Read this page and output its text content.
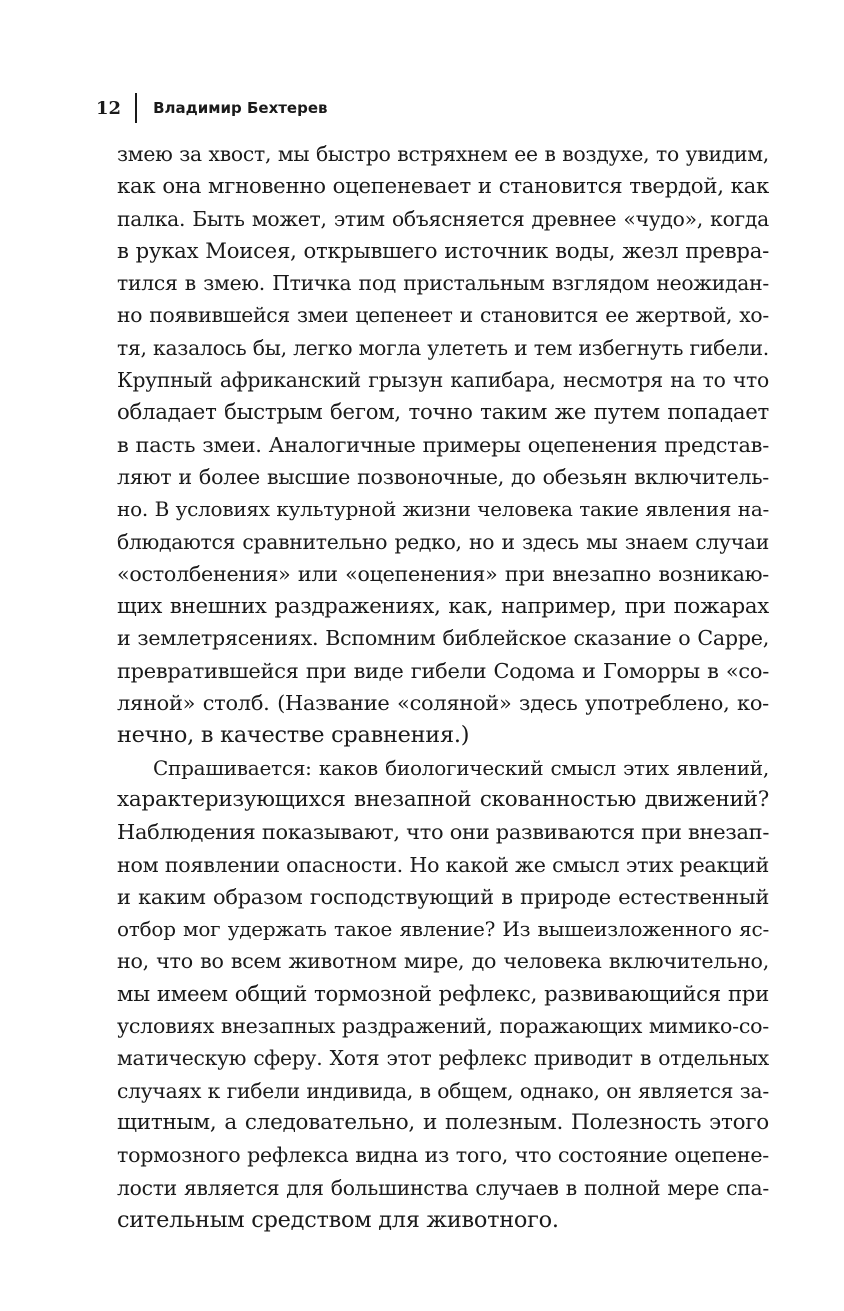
12 Владимир Бехтерев
змею за хвост, мы быстро встряхнем ее в воздухе, то увидим,
как она мгновенно оцепеневает и становится твердой, как
палка. Быть может, этим объясняется древнее «чудо», когда
в руках Моисея, открывшего источник воды, жезл превра-
тился в змею. Птичка под пристальным взглядом неожидан-
но появившейся змеи цепенеет и становится ее жертвой, хо-
тя, казалось бы, легко могла улететь и тем избегнуть гибели.
Крупный африканский грызун капибара, несмотря на то что
обладает быстрым бегом, точно таким же путем попадает
в пасть змеи. Аналогичные примеры оцепенения представ-
ляют и более высшие позвоночные, до обезьян включитель-
но. В условиях культурной жизни человека такие явления на-
блюдаются сравнительно редко, но и здесь мы знаем случаи
«остолбенения» или «оцепенения» при внезапно возникаю-
щих внешних раздражениях, как, например, при пожарах
и землетрясениях. Вспомним библейское сказание о Сарре,
превратившейся при виде гибели Содома и Гоморры в «со-
ляной» столб. (Название «соляной» здесь употреблено, ко-
нечно, в качестве сравнения.)
Спрашивается: каков биологический смысл этих явлений,
характеризующихся внезапной скованностью движений?
Наблюдения показывают, что они развиваются при внезап-
ном появлении опасности. Но какой же смысл этих реакций
и каким образом господствующий в природе естественный
отбор мог удержать такое явление? Из вышеизложенного яс-
но, что во всем животном мире, до человека включительно,
мы имеем общий тормозной рефлекс, развивающийся при
условиях внезапных раздражений, поражающих мимико-со-
матическую сферу. Хотя этот рефлекс приводит в отдельных
случаях к гибели индивида, в общем, однако, он является за-
щитным, а следовательно, и полезным. Полезность этого
тормозного рефлекса видна из того, что состояние оцепене-
лости является для большинства случаев в полной мере спа-
сительным средством для животного.
